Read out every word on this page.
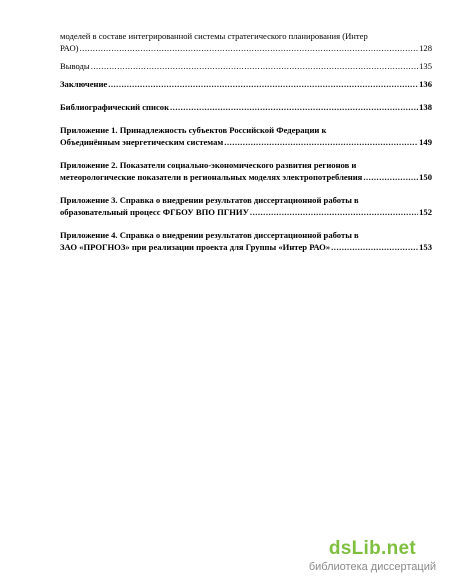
моделей в составе интегрированной системы стратегического планирования (Интер
РАО) .....	128
Выводы .....	135
Заключение .....	136
Библиографический список .....	138
Приложение 1. Принадлежность субъектов Российской Федерации к
Объединённым энергетическим системам .....	149
Приложение 2. Показатели социально-экономического развития регионов и
метеорологические показатели в региональных моделях электропотребления .....	150
Приложение 3. Справка о внедрении результатов диссертационной работы в
образовательный процесс ФГБОУ ВПО ПГНИУ .....	152
Приложение 4. Справка о внедрении результатов диссертационной работы в
ЗАО «ПРОГНОЗ» при реализации проекта для Группы «Интер РАО» .....	153
dsLib.net
библиотека диссертаций
